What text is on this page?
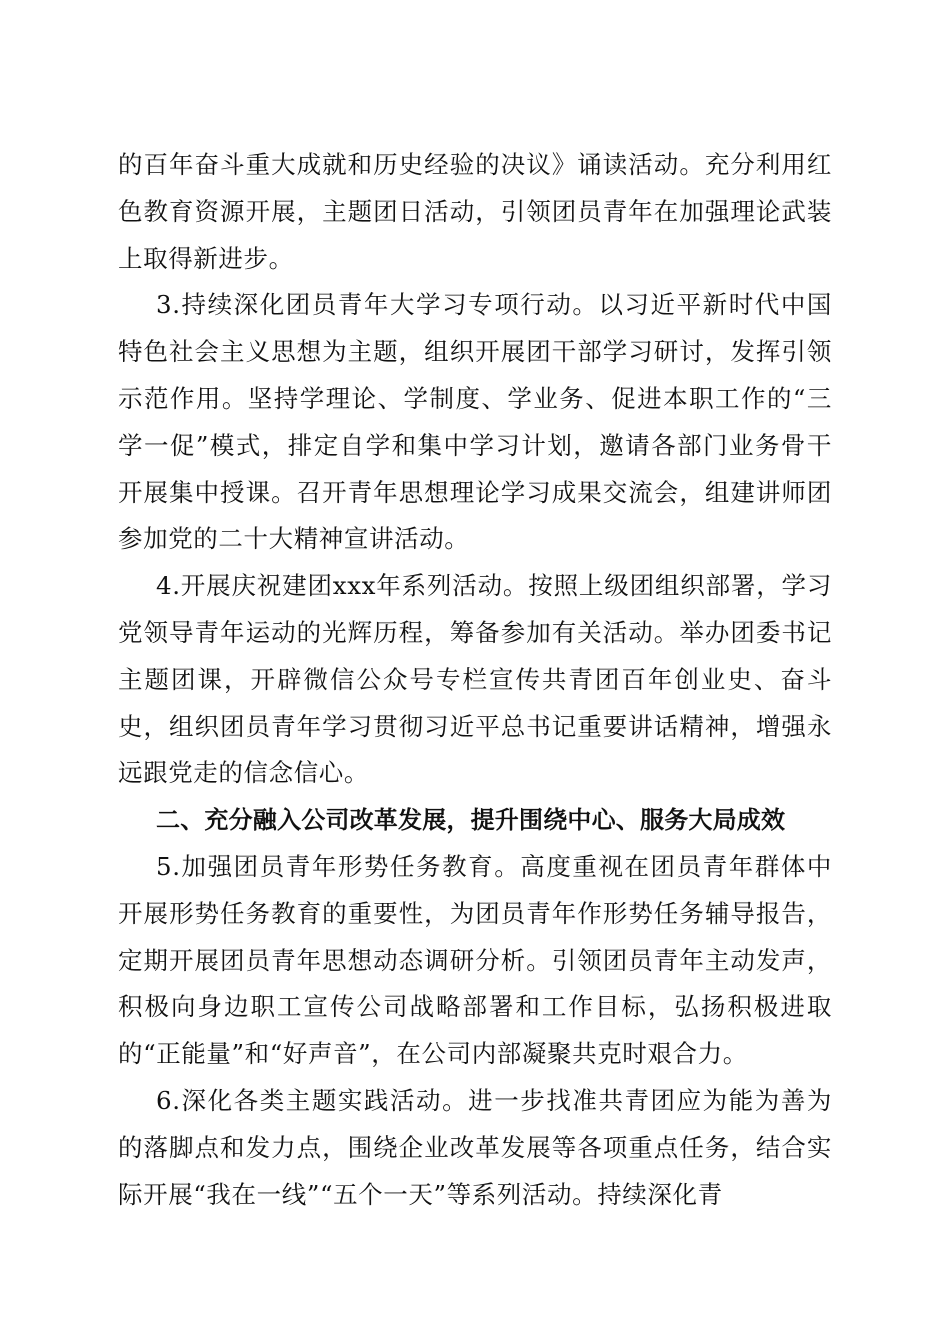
的百年奋斗重大成就和历史经验的决议》诵读活动。充分利用红色教育资源开展，主题团日活动，引领团员青年在加强理论武装上取得新进步。

3.持续深化团员青年大学习专项行动。以习近平新时代中国特色社会主义思想为主题，组织开展团干部学习研讨，发挥引领示范作用。坚持学理论、学制度、学业务、促进本职工作的“三学一促”模式，排定自学和集中学习计划，邀请各部门业务骨干开展集中授课。召开青年思想理论学习成果交流会，组建讲师团参加党的二十大精神宣讲活动。

4.开展庆祝建团xxx年系列活动。按照上级团组织部署，学习党领导青年运动的光辉历程，筹备参加有关活动。举办团委书记主题团课，开辟微信公众号专栏宣传共青团百年创业史、奋斗史，组织团员青年学习贯彻习近平总书记重要讲话精神，增强永远跟党走的信念信心。

二、充分融入公司改革发展，提升围绕中心、服务大局成效

5.加强团员青年形势任务教育。高度重视在团员青年群体中开展形势任务教育的重要性，为团员青年作形势任务辅导报告，定期开展团员青年思想动态调研分析。引领团员青年主动发声，积极向身边职工宣传公司战略部署和工作目标，弘扬积极进取的“正能量”和“好声音”，在公司内部凝聚共克时艰合力。

6.深化各类主题实践活动。进一步找准共青团应为能为善为的落脚点和发力点，围绕企业改革发展等各项重点任务，结合实际开展“我在一线”“五个一天”等系列活动。持续深化青
